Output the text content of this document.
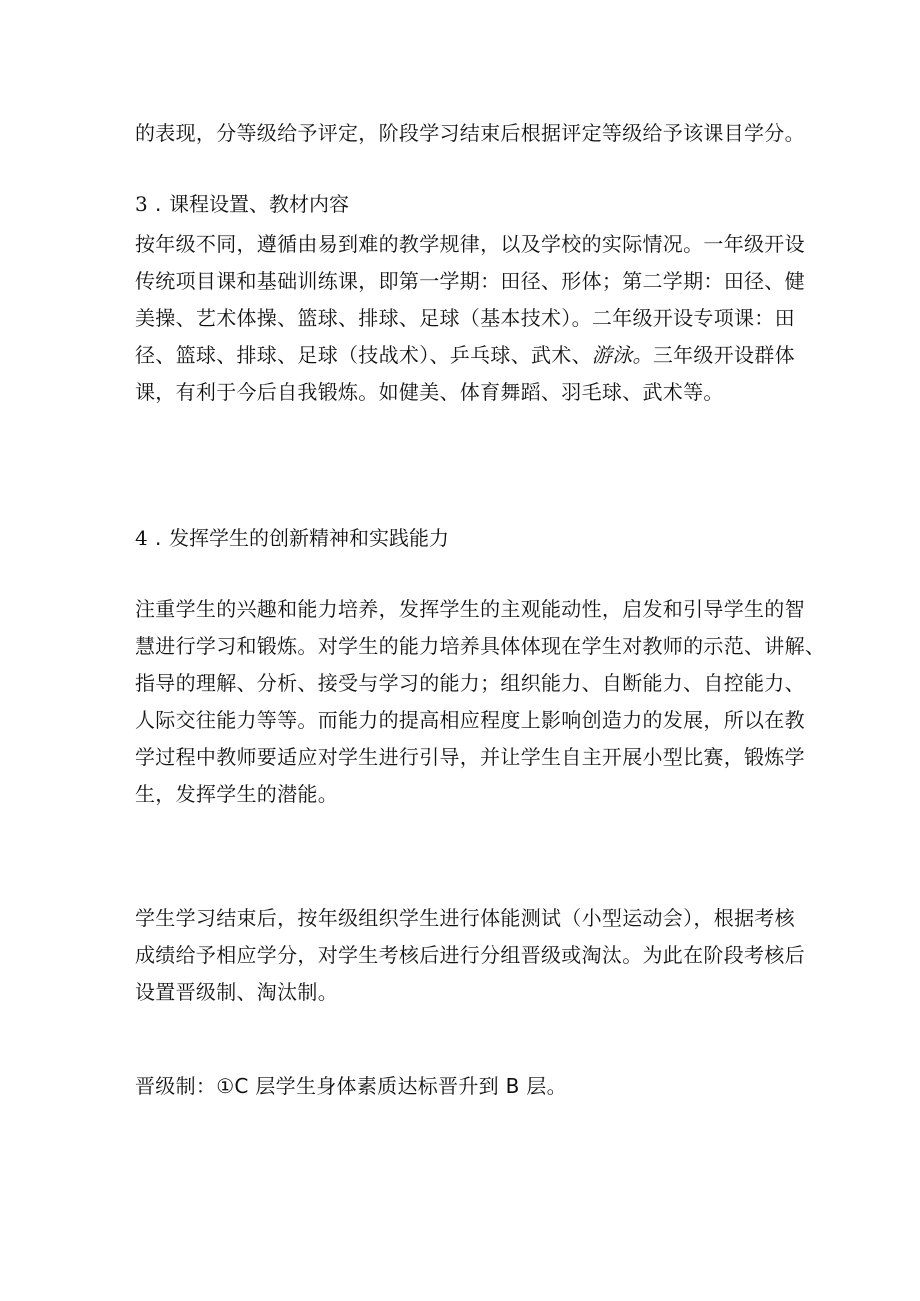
的表现，分等级给予评定，阶段学习结束后根据评定等级给予该课目学分。

3 . 课程设置、教材内容

按年级不同，遵循由易到难的教学规律，以及学校的实际情况。一年级开设
传统项目课和基础训练课，即第一学期：田径、形体；第二学期：田径、健
美操、艺术体操、篮球、排球、足球（基本技术）。二年级开设专项课：田
径、篮球、排球、足球（技战术）、乒乓球、武术、游泳。三年级开设群体
课，有利于今后自我锻炼。如健美、体育舞蹈、羽毛球、武术等。

4 . 发挥学生的创新精神和实践能力

注重学生的兴趣和能力培养，发挥学生的主观能动性，启发和引导学生的智
慧进行学习和锻炼。对学生的能力培养具体体现在学生对教师的示范、讲解、
指导的理解、分析、接受与学习的能力；组织能力、自断能力、自控能力、
人际交往能力等等。而能力的提高相应程度上影响创造力的发展，所以在教
学过程中教师要适应对学生进行引导，并让学生自主开展小型比赛，锻炼学
生，发挥学生的潜能。

学生学习结束后，按年级组织学生进行体能测试（小型运动会），根据考核
成绩给予相应学分，对学生考核后进行分组晋级或淘汰。为此在阶段考核后
设置晋级制、淘汰制。

晋级制：①C 层学生身体素质达标晋升到 B 层。
